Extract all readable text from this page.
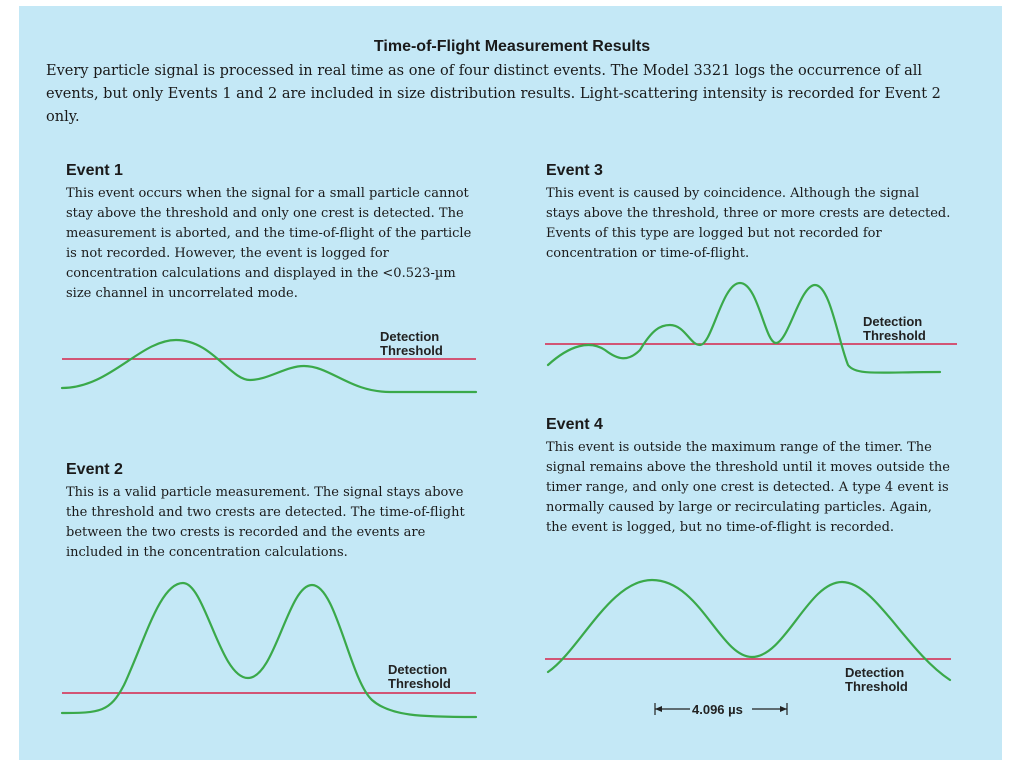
Time-of-Flight Measurement Results
Every particle signal is processed in real time as one of four distinct events. The Model 3321 logs the occurrence of all events, but only Events 1 and 2 are included in size distribution results. Light-scattering intensity is recorded for Event 2 only.
Event 1
This event occurs when the signal for a small particle cannot stay above the threshold and only one crest is detected. The measurement is aborted, and the time-of-flight of the particle is not recorded. However, the event is logged for concentration calculations and displayed in the <0.523-µm size channel in uncorrelated mode.
Event 2
This is a valid particle measurement. The signal stays above the threshold and two crests are detected. The time-of-flight between the two crests is recorded and the events are included in the concentration calculations.
Event 3
This event is caused by coincidence. Although the signal stays above the threshold, three or more crests are detected. Events of this type are logged but not recorded for concentration or time-of-flight.
Event 4
This event is outside the maximum range of the timer. The signal remains above the threshold until it moves outside the timer range, and only one crest is detected. A type 4 event is normally caused by large or recirculating particles. Again, the event is logged, but no time-of-flight is recorded.
Detection
Threshold
Detection
Threshold
Detection
Threshold
Detection
Threshold
4.096 µs
